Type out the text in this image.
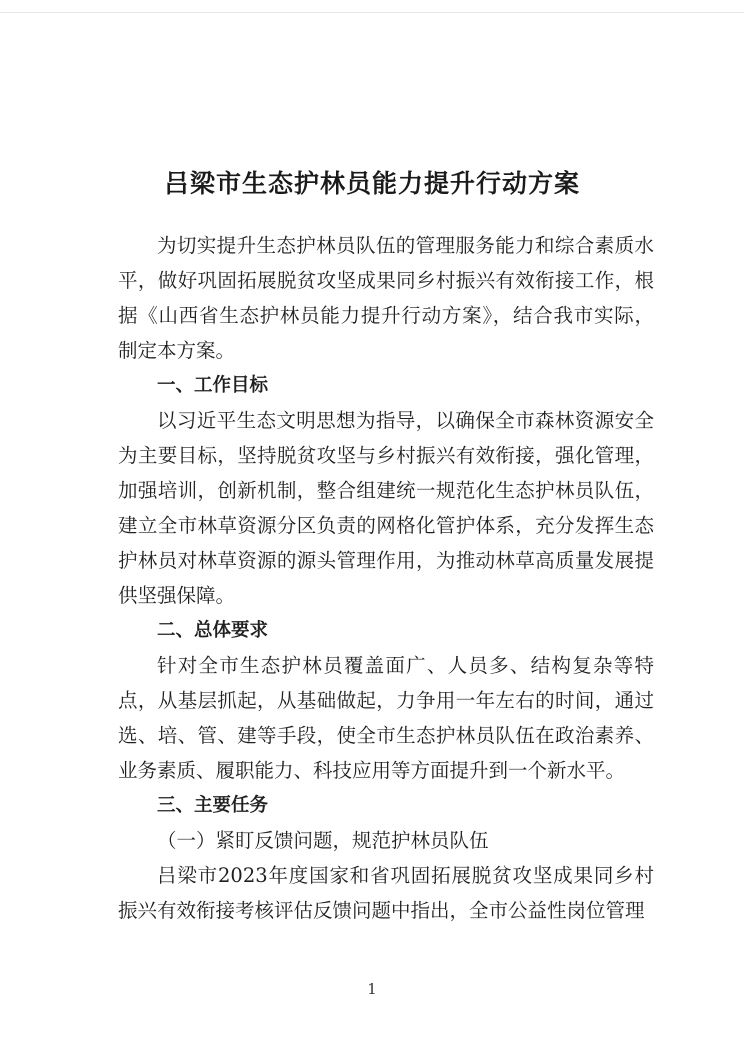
吕梁市生态护林员能力提升行动方案

为切实提升生态护林员队伍的管理服务能力和综合素质水平，做好巩固拓展脱贫攻坚成果同乡村振兴有效衔接工作，根据《山西省生态护林员能力提升行动方案》，结合我市实际，制定本方案。

一、工作目标

以习近平生态文明思想为指导，以确保全市森林资源安全为主要目标，坚持脱贫攻坚与乡村振兴有效衔接，强化管理，加强培训，创新机制，整合组建统一规范化生态护林员队伍，建立全市林草资源分区负责的网格化管护体系，充分发挥生态护林员对林草资源的源头管理作用，为推动林草高质量发展提供坚强保障。

二、总体要求

针对全市生态护林员覆盖面广、人员多、结构复杂等特点，从基层抓起，从基础做起，力争用一年左右的时间，通过选、培、管、建等手段，使全市生态护林员队伍在政治素养、业务素质、履职能力、科技应用等方面提升到一个新水平。

三、主要任务

（一）紧盯反馈问题，规范护林员队伍

吕梁市2023年度国家和省巩固拓展脱贫攻坚成果同乡村振兴有效衔接考核评估反馈问题中指出，全市公益性岗位管理

1
